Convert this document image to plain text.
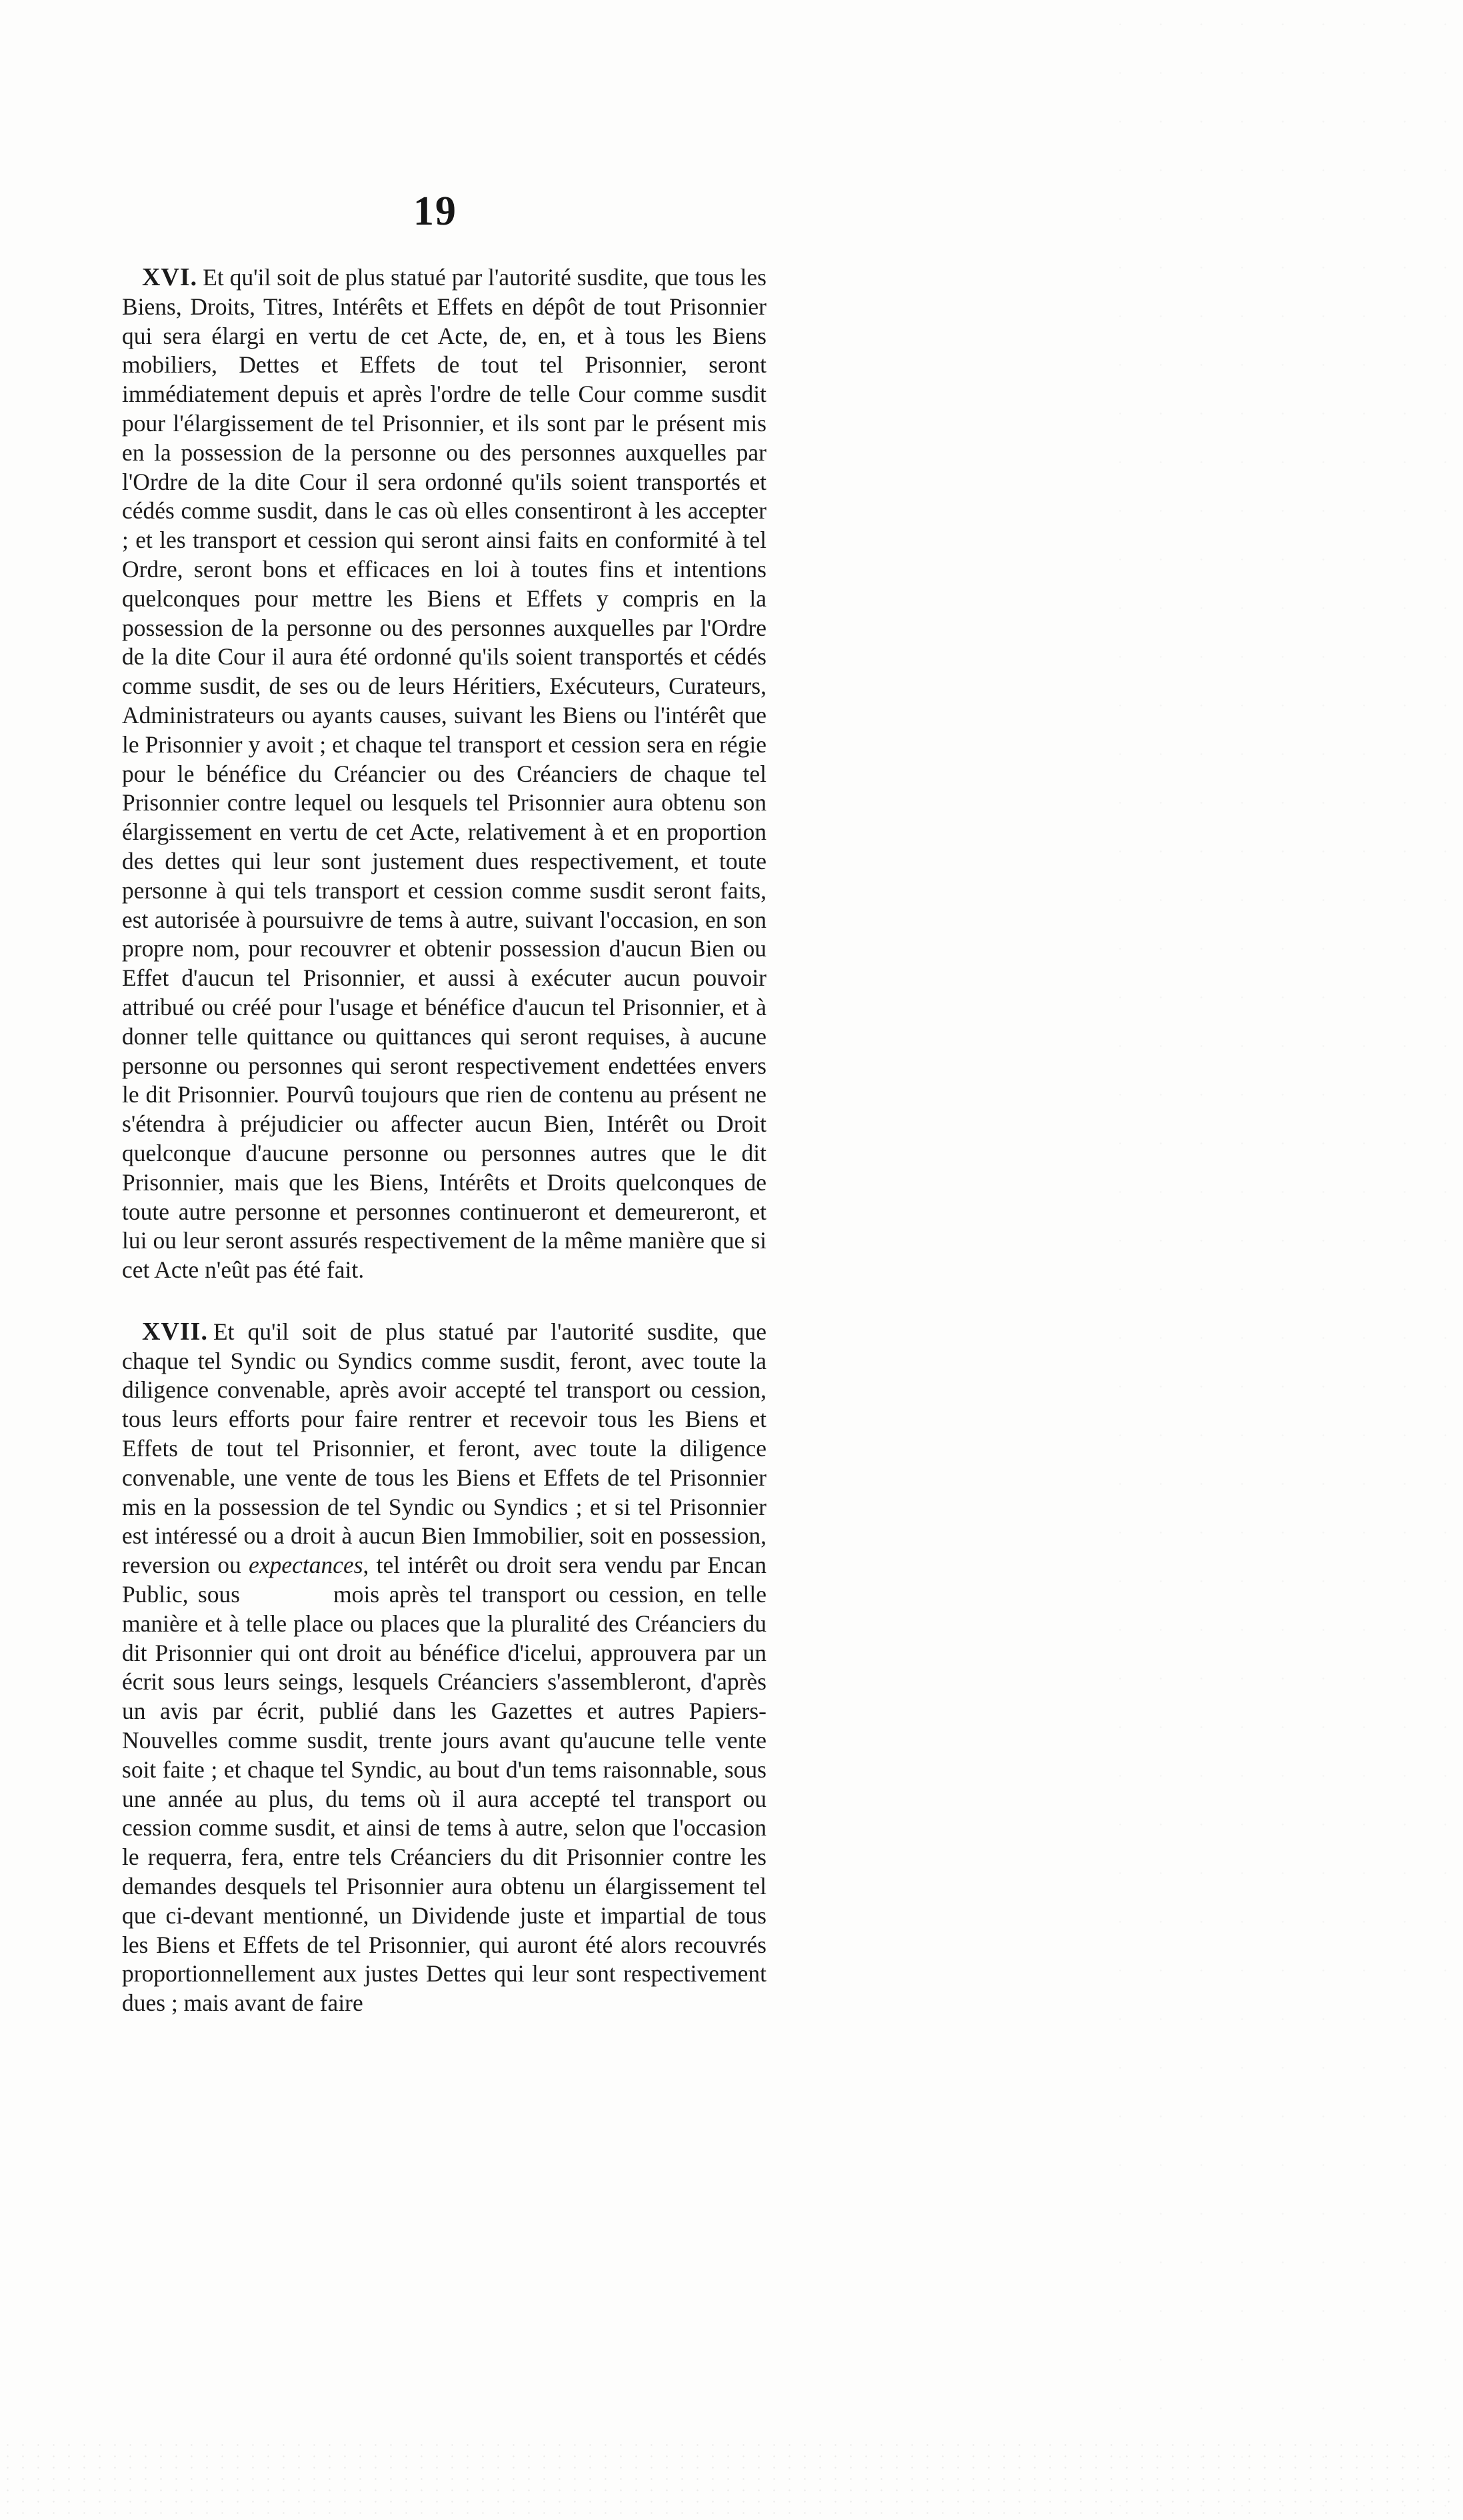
19

XVI. Et qu'il soit de plus statué par l'autorité susdite, que tous les Biens, Droits, Titres, Intérêts et Effets en dépôt de tout Prisonnier qui sera élargi en vertu de cet Acte, de, en, et à tous les Biens mobiliers, Dettes et Effets de tout tel Prisonnier, seront immédiatement depuis et après l'ordre de telle Cour comme susdit pour l'élargissement de tel Prisonnier, et ils sont par le présent mis en la possession de la personne ou des personnes auxquelles par l'Ordre de la dite Cour il sera ordonné qu'ils soient transportés et cédés comme susdit, dans le cas où elles consentiront à les accepter ; et les transport et cession qui seront ainsi faits en conformité à tel Ordre, seront bons et efficaces en loi à toutes fins et intentions quelconques pour mettre les Biens et Effets y compris en la possession de la personne ou des personnes auxquelles par l'Ordre de la dite Cour il aura été ordonné qu'ils soient transportés et cédés comme susdit, de ses ou de leurs Héritiers, Exécuteurs, Curateurs, Administrateurs ou ayants causes, suivant les Biens ou l'intérêt que le Prisonnier y avoit ; et chaque tel transport et cession sera en régie pour le bénéfice du Créancier ou des Créanciers de chaque tel Prisonnier contre lequel ou lesquels tel Prisonnier aura obtenu son élargissement en vertu de cet Acte, relativement à et en proportion des dettes qui leur sont justement dues respectivement, et toute personne à qui tels transport et cession comme susdit seront faits, est autorisée à poursuivre de tems à autre, suivant l'occasion, en son propre nom, pour recouvrer et obtenir possession d'aucun Bien ou Effet d'aucun tel Prisonnier, et aussi à exécuter aucun pouvoir attribué ou créé pour l'usage et bénéfice d'aucun tel Prisonnier, et à donner telle quittance ou quittances qui seront requises, à aucune personne ou personnes qui seront respectivement endettées envers le dit Prisonnier. Pourvû toujours que rien de contenu au présent ne s'étendra à préjudicier ou affecter aucun Bien, Intérêt ou Droit quelconque d'aucune personne ou personnes autres que le dit Prisonnier, mais que les Biens, Intérêts et Droits quelconques de toute autre personne et personnes continueront et demeureront, et lui ou leur seront assurés respectivement de la même manière que si cet Acte n'eût pas été fait.

XVII. Et qu'il soit de plus statué par l'autorité susdite, que chaque tel Syndic ou Syndics comme susdit, feront, avec toute la diligence convenable, après avoir accepté tel transport ou cession, tous leurs efforts pour faire rentrer et recevoir tous les Biens et Effets de tout tel Prisonnier, et feront, avec toute la diligence convenable, une vente de tous les Biens et Effets de tel Prisonnier mis en la possession de tel Syndic ou Syndics ; et si tel Prisonnier est intéressé ou a droit à aucun Bien Immobilier, soit en possession, reversion ou expectances, tel intérêt ou droit sera vendu par Encan Public, sous	mois après tel transport ou cession, en telle manière et à telle place ou places que la pluralité des Créanciers du dit Prisonnier qui ont droit au bénéfice d'icelui, approuvera par un écrit sous leurs seings, lesquels Créanciers s'assembleront, d'après un avis par écrit, publié dans les Gazettes et autres Papiers-Nouvelles comme susdit, trente jours avant qu'aucune telle vente soit faite ; et chaque tel Syndic, au bout d'un tems raisonnable, sous une année au plus, du tems où il aura accepté tel transport ou cession comme susdit, et ainsi de tems à autre, selon que l'occasion le requerra, fera, entre tels Créanciers du dit Prisonnier contre les demandes desquels tel Prisonnier aura obtenu un élargissement tel que ci-devant mentionné, un Dividende juste et impartial de tous les Biens et Effets de tel Prisonnier, qui auront été alors recouvrés proportionnellement aux justes Dettes qui leur sont respectivement dues ; mais avant de faire
